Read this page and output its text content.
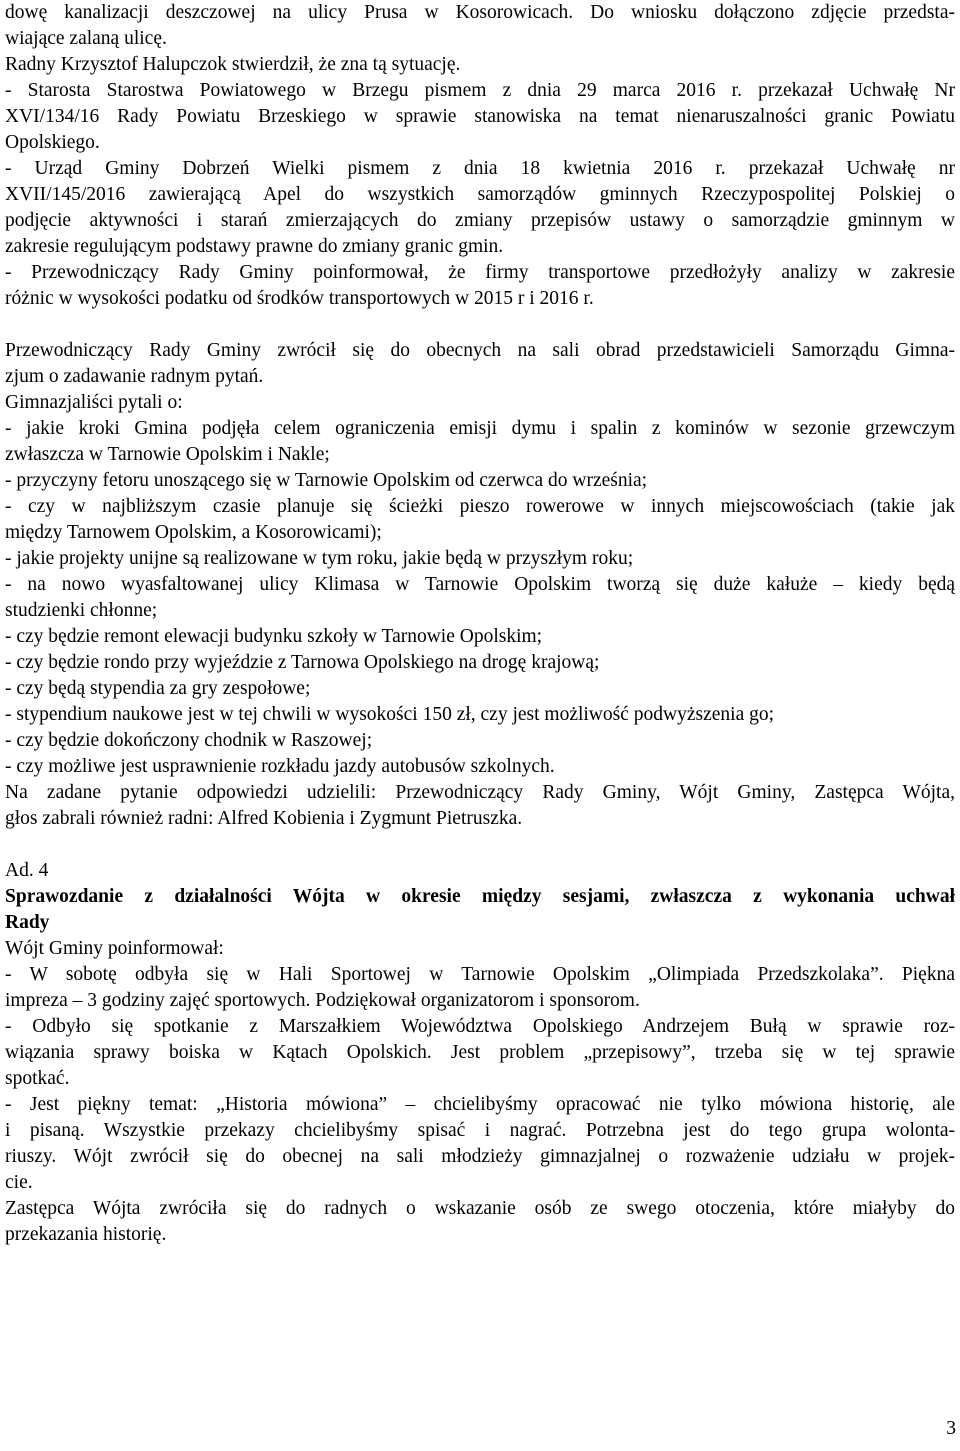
dowę kanalizacji deszczowej na ulicy Prusa w Kosorowicach. Do wniosku dołączono zdjęcie przedsta-

wiające zalaną ulicę.

Radny Krzysztof Halupczok stwierdził, że zna tą sytuację.

- Starosta Starostwa Powiatowego w Brzegu pismem z dnia 29 marca 2016 r. przekazał Uchwałę Nr

XVI/134/16 Rady Powiatu Brzeskiego w sprawie stanowiska na temat nienaruszalności granic Powiatu

Opolskiego.

- Urząd Gminy Dobrzeń Wielki pismem z dnia 18 kwietnia 2016 r. przekazał Uchwałę nr

XVII/145/2016 zawierającą Apel do wszystkich samorządów gminnych Rzeczypospolitej Polskiej o

podjęcie aktywności i starań zmierzających do zmiany przepisów ustawy o samorządzie gminnym w

zakresie regulującym podstawy prawne do zmiany granic gmin.

- Przewodniczący Rady Gminy poinformował, że firmy transportowe przedłożyły analizy w zakresie

różnic w wysokości podatku od środków transportowych w 2015 r i 2016 r.

Przewodniczący Rady Gminy zwrócił się do obecnych na sali obrad przedstawicieli Samorządu Gimna-

zjum o zadawanie radnym pytań.

Gimnazjaliści pytali o:

- jakie kroki Gmina podjęła celem ograniczenia emisji dymu i spalin z kominów w sezonie grzewczym

zwłaszcza w Tarnowie Opolskim i Nakle;

- przyczyny fetoru unoszącego się w Tarnowie Opolskim od czerwca do września;

- czy w najbliższym czasie planuje się ścieżki pieszo rowerowe w innych miejscowościach (takie jak

między Tarnowem Opolskim, a Kosorowicami);

- jakie projekty unijne są realizowane w tym roku, jakie będą w przyszłym roku;

- na nowo wyasfaltowanej ulicy Klimasa w Tarnowie Opolskim tworzą się duże kałuże – kiedy będą

studzienki chłonne;

- czy będzie remont elewacji budynku szkoły w Tarnowie Opolskim;

- czy będzie rondo przy wyjeździe z Tarnowa Opolskiego na drogę krajową;

- czy będą stypendia za gry zespołowe;

- stypendium naukowe jest w tej chwili w wysokości 150 zł, czy jest możliwość podwyższenia go;

- czy będzie dokończony chodnik w Raszowej;

- czy możliwe jest usprawnienie rozkładu jazdy autobusów szkolnych.

Na zadane pytanie odpowiedzi udzielili: Przewodniczący Rady Gminy, Wójt Gminy, Zastępca Wójta,

głos zabrali również radni: Alfred Kobienia i Zygmunt Pietruszka.

Ad. 4

Sprawozdanie z działalności Wójta w okresie między sesjami, zwłaszcza z wykonania uchwał

Rady

Wójt Gminy poinformował:

- W sobotę odbyła się w Hali Sportowej w Tarnowie Opolskim „Olimpiada Przedszkolaka”. Piękna

impreza – 3 godziny zajęć sportowych. Podziękował organizatorom i sponsorom.

- Odbyło się spotkanie z Marszałkiem Województwa Opolskiego Andrzejem Bułą w sprawie roz-

wiązania sprawy boiska w Kątach Opolskich. Jest problem „przepisowy”, trzeba się w tej sprawie

spotkać.

- Jest piękny temat: „Historia mówiona” – chcielibyśmy opracować nie tylko mówiona historię, ale

i pisaną. Wszystkie przekazy chcielibyśmy spisać i nagrać. Potrzebna jest do tego grupa wolonta-

riuszy. Wójt zwrócił się do obecnej na sali młodzieży gimnazjalnej o rozważenie udziału w projek-

cie.

Zastępca Wójta zwróciła się do radnych o wskazanie osób ze swego otoczenia, które miałyby do

przekazania historię.

3
